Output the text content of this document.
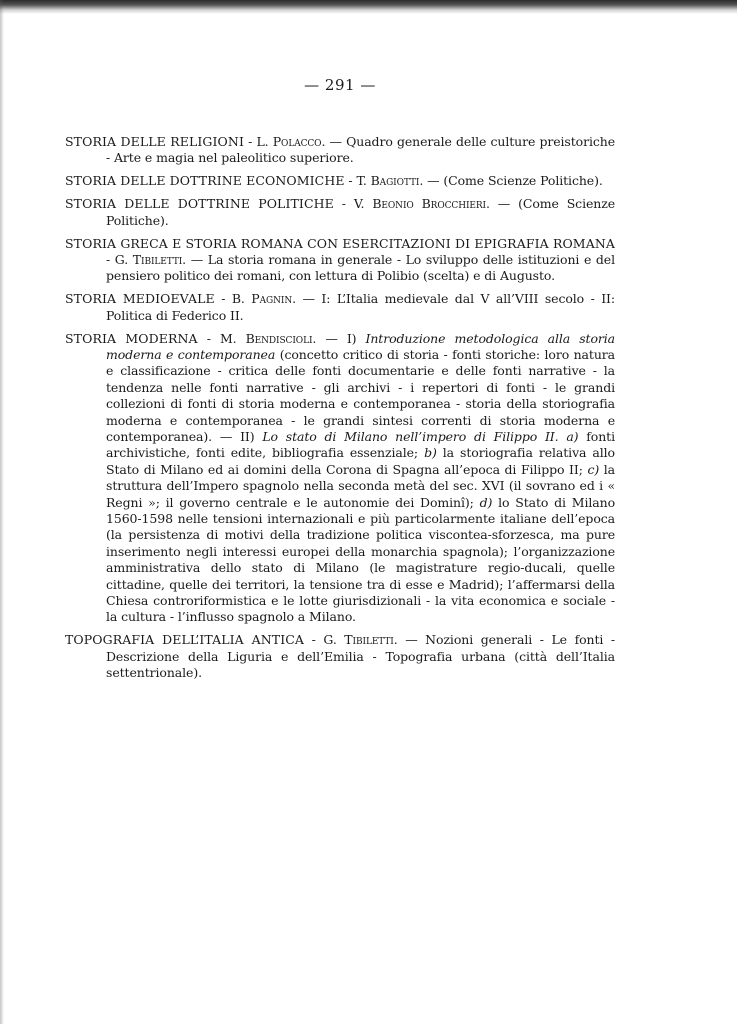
— 291 —

STORIA DELLE RELIGIONI - L. Polacco. — Quadro generale delle culture preistoriche - Arte e magia nel paleolitico superiore.

STORIA DELLE DOTTRINE ECONOMICHE - T. Bagiotti. — (Come Scienze Politiche).

STORIA DELLE DOTTRINE POLITICHE - V. Beonio Brocchieri. — (Come Scienze Politiche).

STORIA GRECA E STORIA ROMANA CON ESERCITAZIONI DI EPIGRAFIA ROMANA - G. Tibiletti. — La storia romana in generale - Lo sviluppo delle istituzioni e del pensiero politico dei romani, con lettura di Polibio (scelta) e di Augusto.

STORIA MEDIOEVALE - B. Pagnin. — I: L’Italia medievale dal V all’VIII secolo - II: Politica di Federico II.

STORIA MODERNA - M. Bendiscioli. — I) Introduzione metodologica alla storia moderna e contemporanea (concetto critico di storia - fonti storiche: loro natura e classificazione - critica delle fonti documentarie e delle fonti narrative - la tendenza nelle fonti narrative - gli archivi - i repertori di fonti - le grandi collezioni di fonti di storia moderna e contemporanea - storia della storiografia moderna e contemporanea - le grandi sintesi correnti di storia moderna e contemporanea). — II) Lo stato di Milano nell’impero di Filippo II. a) fonti archivistiche, fonti edite, bibliografia essenziale; b) la storiografia relativa allo Stato di Milano ed ai domini della Corona di Spagna all’epoca di Filippo II; c) la struttura dell’Impero spagnolo nella seconda metà del sec. XVI (il sovrano ed i « Regni »; il governo centrale e le autonomie dei Dominî); d) lo Stato di Milano 1560-1598 nelle tensioni internazionali e più particolarmente italiane dell’epoca (la persistenza di motivi della tradizione politica viscontea-sforzesca, ma pure inserimento negli interessi europei della monarchia spagnola); l’organizzazione amministrativa dello stato di Milano (le magistrature regio-ducali, quelle cittadine, quelle dei territori, la tensione tra di esse e Madrid); l’affermarsi della Chiesa controriformistica e le lotte giurisdizionali - la vita economica e sociale - la cultura - l’influsso spagnolo a Milano.

TOPOGRAFIA DELL’ITALIA ANTICA - G. Tibiletti. — Nozioni generali - Le fonti - Descrizione della Liguria e dell’Emilia - Topografia urbana (città dell’Italia settentrionale).
